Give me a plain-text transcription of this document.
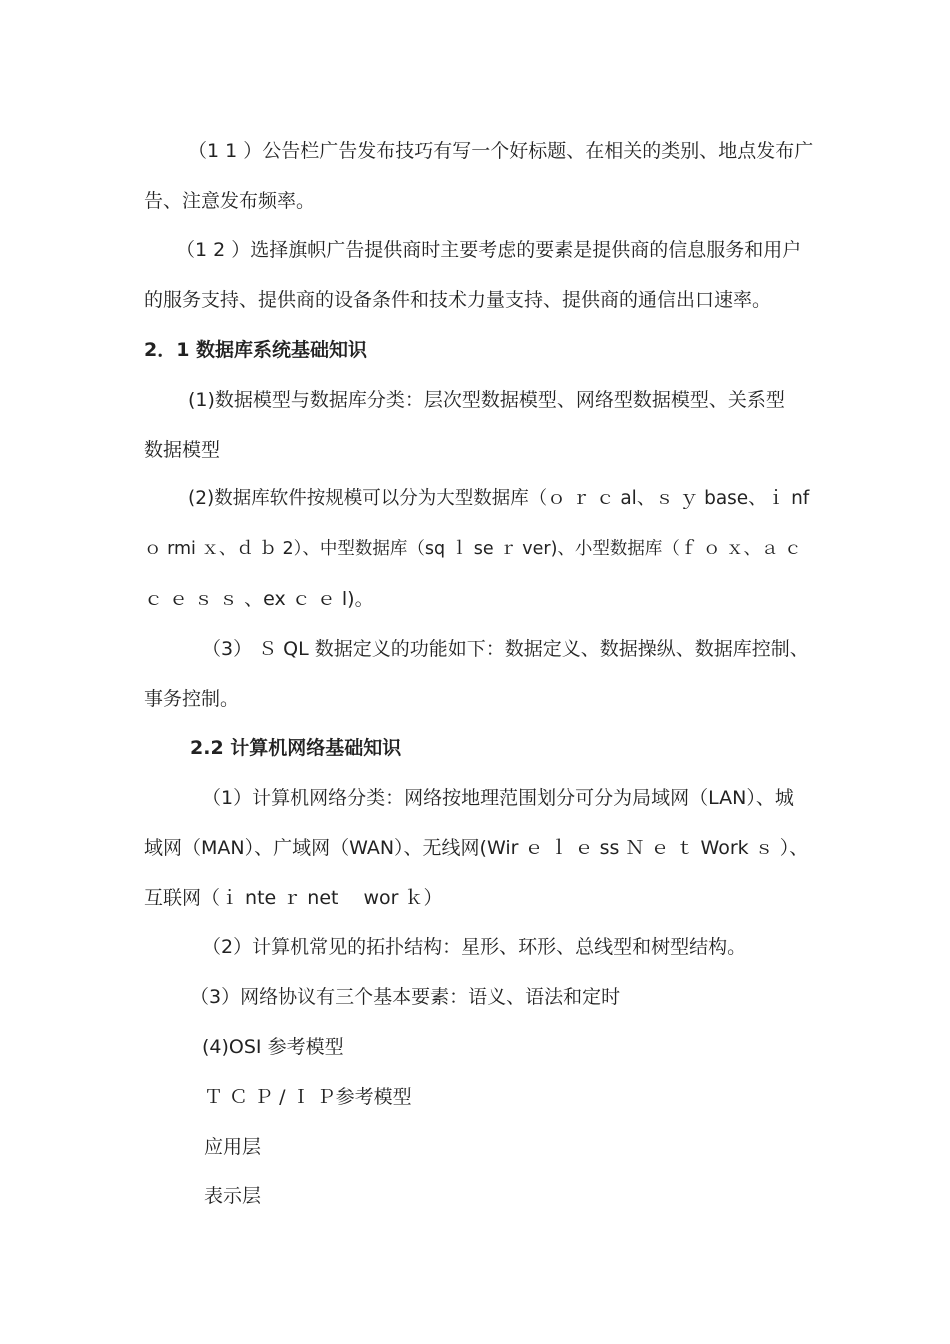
（1 1 ）公告栏广告发布技巧有写一个好标题、在相关的类别、地点发布广

告、注意发布频率。

（1 2 ）选择旗帜广告提供商时主要考虑的要素是提供商的信息服务和用户

的服务支持、提供商的设备条件和技术力量支持、提供商的通信出口速率。

2．1 数据库系统基础知识

(1)数据模型与数据库分类：层次型数据模型、网络型数据模型、关系型

数据模型

(2)数据库软件按规模可以分为大型数据库（ｏ ｒ ｃ al、ｓ ｙ base、ｉ nf

ｏ rmi ｘ、ｄ ｂ 2）、中型数据库（sq ｌ se ｒ ver)、小型数据库（ｆ ｏ ｘ、ａ ｃ

ｃ ｅ ｓ ｓ 、ex ｃ ｅ l)。

（3） Ｓ QL 数据定义的功能如下：数据定义、数据操纵、数据库控制、

事务控制。

2.2 计算机网络基础知识

（1）计算机网络分类：网络按地理范围划分可分为局域网（LAN）、城

域网（MAN）、广域网（WAN）、无线网(Wir ｅ ｌ ｅ ss Ｎ ｅ ｔ Work ｓ ）、

互联网（ｉ nte ｒ net 　wor ｋ）

（2）计算机常见的拓扑结构：星形、环形、总线型和树型结构。

（3）网络协议有三个基本要素：语义、语法和定时

(4)OSI 参考模型

Ｔ Ｃ Ｐ / Ｉ Ｐ参考模型

应用层

表示层
